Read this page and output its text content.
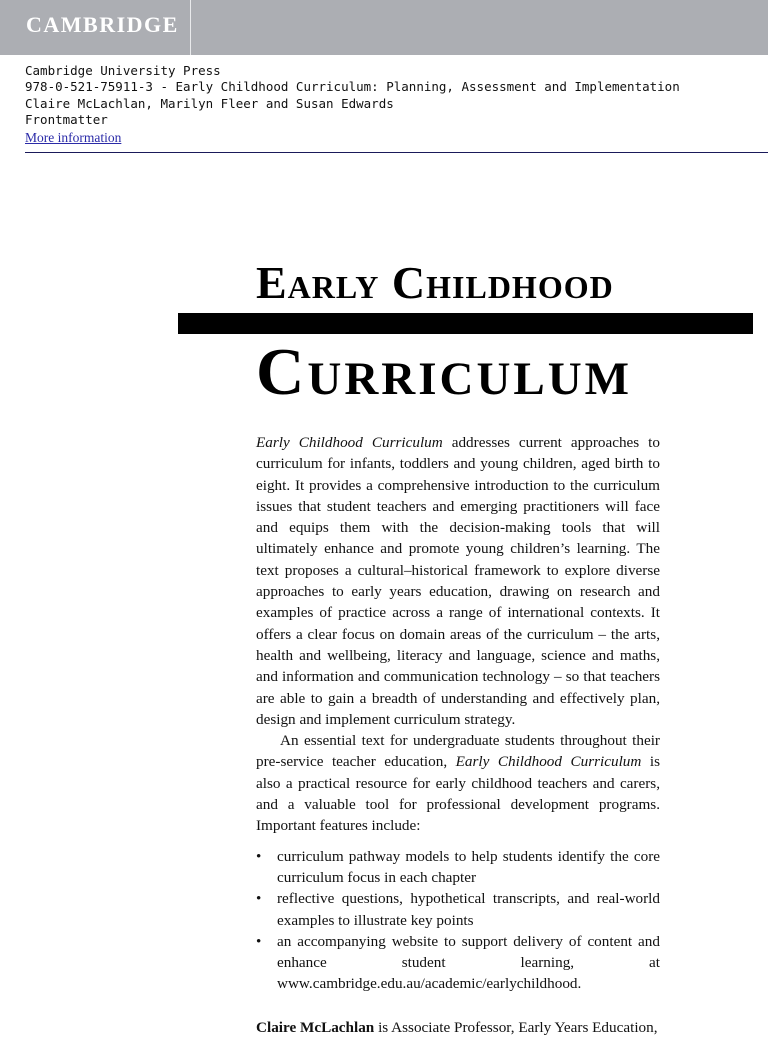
CAMBRIDGE
Cambridge University Press
978-0-521-75911-3 - Early Childhood Curriculum: Planning, Assessment and Implementation
Claire McLachlan, Marilyn Fleer and Susan Edwards
Frontmatter
More information
Early Childhood
Curriculum

Early Childhood Curriculum addresses current approaches to curriculum for infants, toddlers and young children, aged birth to eight. It provides a comprehensive introduction to the curriculum issues that student teachers and emerging practitioners will face and equips them with the decision-making tools that will ultimately enhance and promote young children’s learning. The text proposes a cultural–historical framework to explore diverse approaches to early years education, drawing on research and examples of practice across a range of international contexts. It offers a clear focus on domain areas of the curriculum – the arts, health and wellbeing, literacy and language, science and maths, and information and communication technology – so that teachers are able to gain a breadth of understanding and effectively plan, design and implement curriculum strategy.

An essential text for undergraduate students throughout their pre-service teacher education, Early Childhood Curriculum is also a practical resource for early childhood teachers and carers, and a valuable tool for professional development programs. Important features include:

• curriculum pathway models to help students identify the core curriculum focus in each chapter
• reflective questions, hypothetical transcripts, and real-world examples to illustrate key points
• an accompanying website to support delivery of content and enhance student learning, at www.cambridge.edu.au/academic/earlychildhood.

Claire McLachlan is Associate Professor, Early Years Education,
